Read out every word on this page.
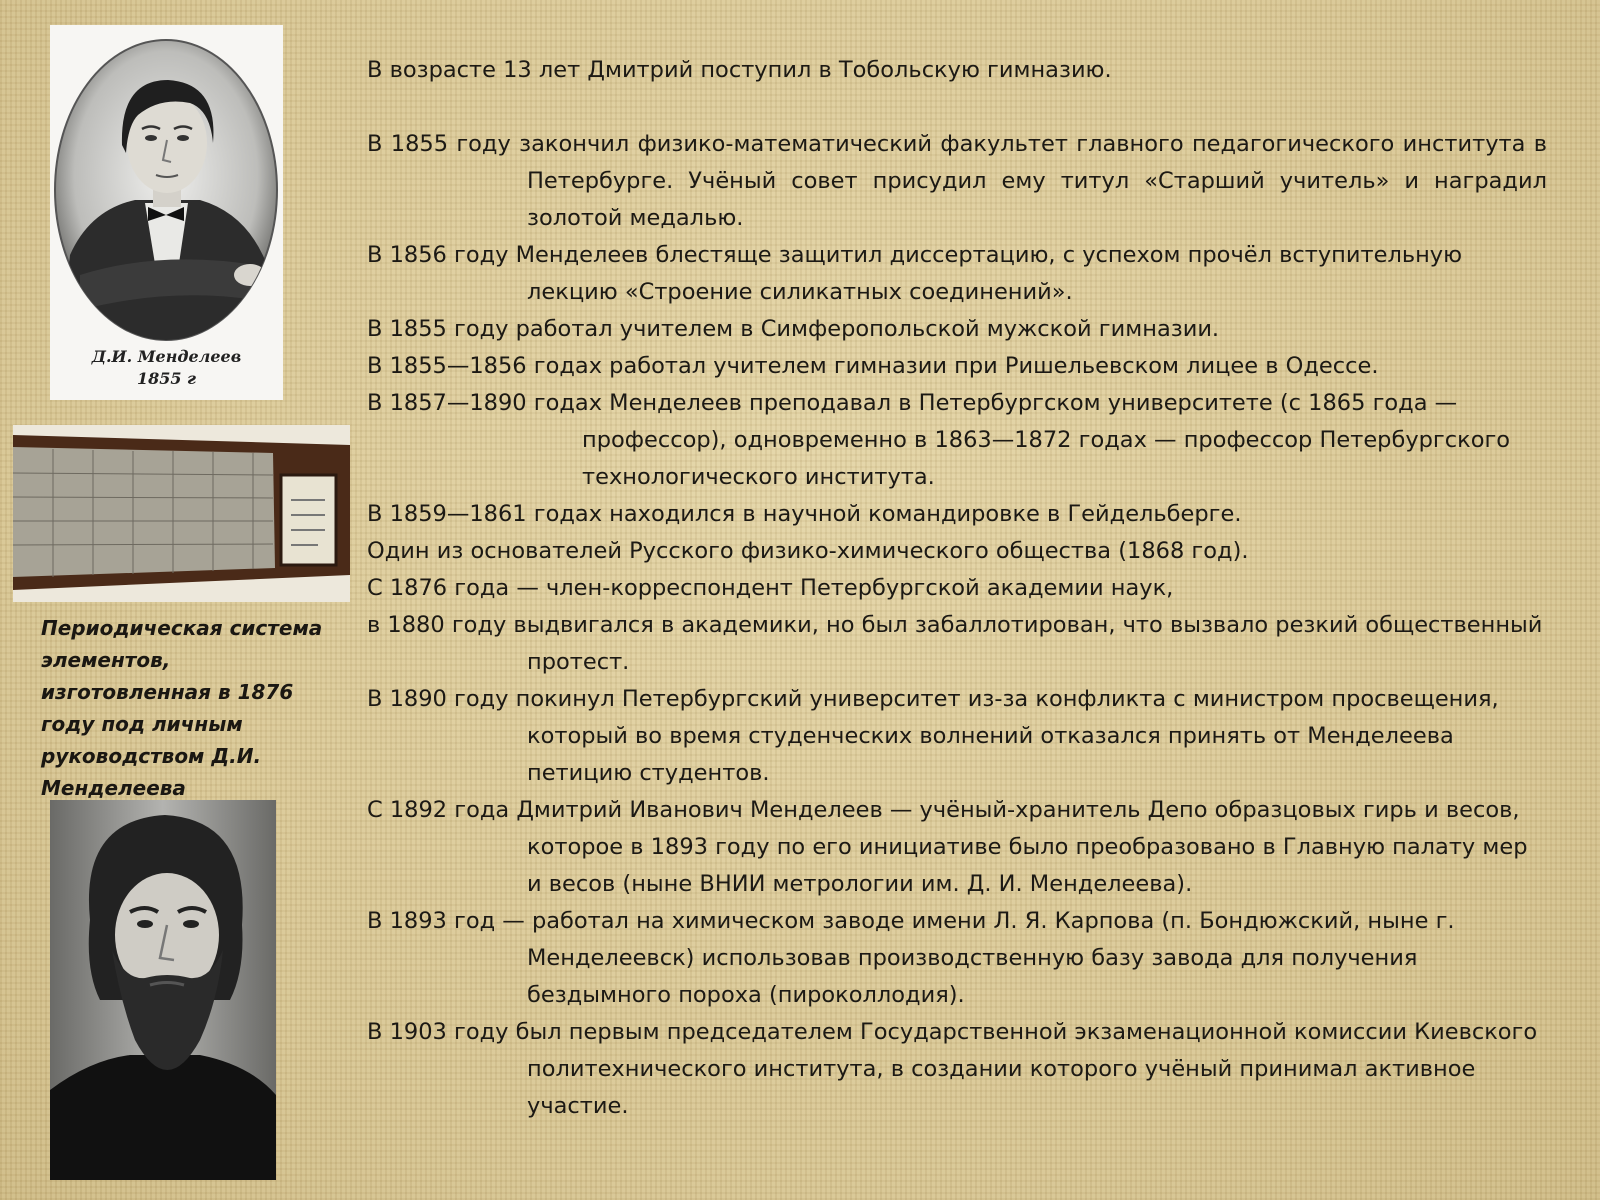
Д.И. Менделеев
1855 г

Периодическая система элементов, изготовленная в 1876 году под личным руководством Д.И. Менделеева

В возрасте 13 лет Дмитрий поступил в Тобольскую гимназию.

В 1855 году закончил физико-математический факультет главного педагогического института в Петербурге. Учёный совет присудил ему титул «Старший учитель» и наградил золотой медалью.

В 1856 году Менделеев блестяще защитил диссертацию, с успехом прочёл вступительную лекцию «Строение силикатных соединений».

В 1855 году работал учителем в Симферопольской мужской гимназии.

В 1855—1856 годах работал учителем гимназии при Ришельевском лицее в Одессе.

В 1857—1890 годах Менделеев преподавал в Петербургском университете (с 1865 года — профессор), одновременно в 1863—1872 годах — профессор Петербургского технологического института.

В 1859—1861 годах находился в научной командировке в Гейдельберге.

Один из основателей Русского физико-химического общества (1868 год).

С 1876 года — член-корреспондент Петербургской академии наук,

в 1880 году выдвигался в академики, но был забаллотирован, что вызвало резкий общественный протест.

В 1890 году покинул Петербургский университет из-за конфликта с министром просвещения, который во время студенческих волнений отказался принять от Менделеева петицию студентов.

С 1892 года Дмитрий Иванович Менделеев — учёный-хранитель Депо образцовых гирь и весов, которое в 1893 году по его инициативе было преобразовано в Главную палату мер и весов (ныне ВНИИ метрологии им. Д. И. Менделеева).

В 1893 год — работал на химическом заводе имени Л. Я. Карпова (п. Бондюжский, ныне г. Менделеевск) использовав производственную базу завода для получения бездымного пороха (пироколлодия).

В 1903 году был первым председателем Государственной экзаменационной комиссии Киевского политехнического института, в создании которого учёный принимал активное участие.
